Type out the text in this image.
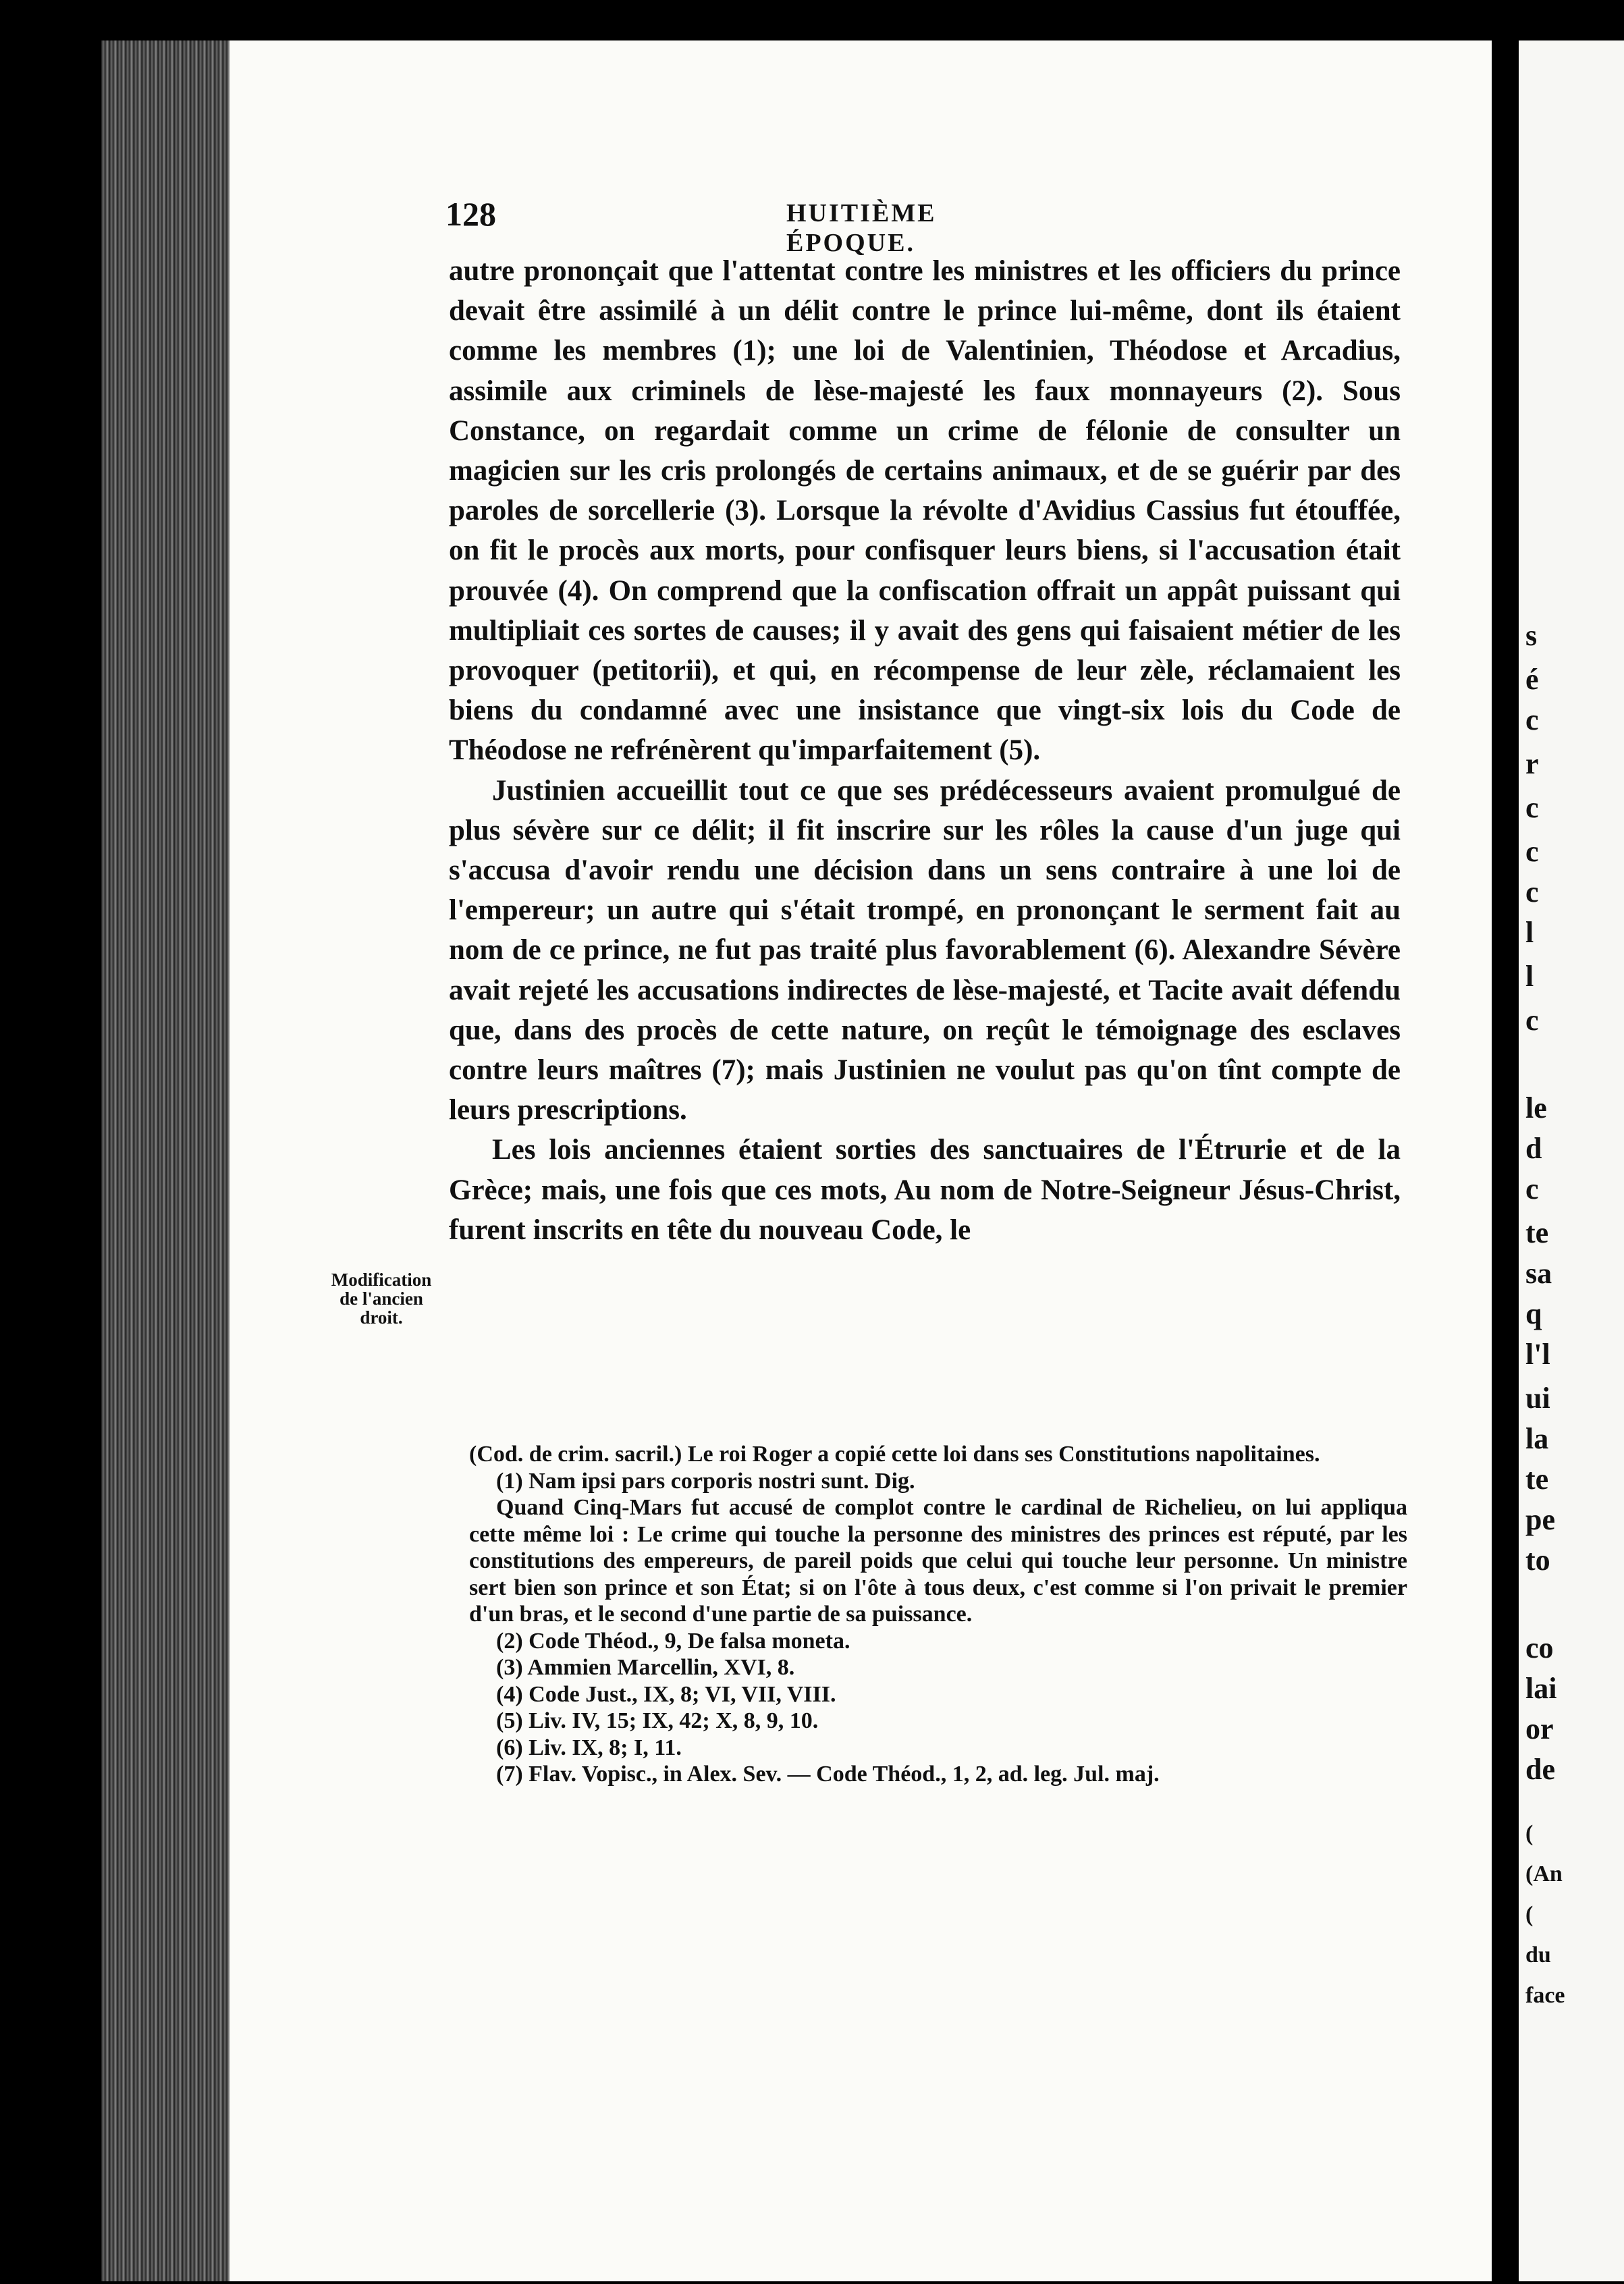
s
é
c
r
c
c
c
l
l
c
le
d
c
te
sa
q
l'l
ui
la
te
pe
to
co
lai
or
de
(
(An
(
du
face
128	HUITIÈME ÉPOQUE.
Modification
de l'ancien
droit.

autre prononçait que l'attentat contre les ministres et les officiers du prince devait être assimilé à un délit contre le prince lui-même, dont ils étaient comme les membres (1); une loi de Valentinien, Théodose et Arcadius, assimile aux criminels de lèse-majesté les faux monnayeurs (2). Sous Constance, on regardait comme un crime de félonie de consulter un magicien sur les cris prolongés de certains animaux, et de se guérir par des paroles de sorcellerie (3). Lorsque la révolte d'Avidius Cassius fut étouffée, on fit le procès aux morts, pour confisquer leurs biens, si l'accusation était prouvée (4). On comprend que la confiscation offrait un appât puissant qui multipliait ces sortes de causes; il y avait des gens qui faisaient métier de les provoquer (petitorii), et qui, en récompense de leur zèle, réclamaient les biens du condamné avec une insistance que vingt-six lois du Code de Théodose ne refrénèrent qu'imparfaitement (5).

Justinien accueillit tout ce que ses prédécesseurs avaient promulgué de plus sévère sur ce délit; il fit inscrire sur les rôles la cause d'un juge qui s'accusa d'avoir rendu une décision dans un sens contraire à une loi de l'empereur; un autre qui s'était trompé, en prononçant le serment fait au nom de ce prince, ne fut pas traité plus favorablement (6). Alexandre Sévère avait rejeté les accusations indirectes de lèse-majesté, et Tacite avait défendu que, dans des procès de cette nature, on reçût le témoignage des esclaves contre leurs maîtres (7); mais Justinien ne voulut pas qu'on tînt compte de leurs prescriptions.

Les lois anciennes étaient sorties des sanctuaires de l'Étrurie et de la Grèce; mais, une fois que ces mots, Au nom de Notre-Seigneur Jésus-Christ, furent inscrits en tête du nouveau Code, le

(Cod. de crim. sacril.) Le roi Roger a copié cette loi dans ses Constitutions napolitaines.

(1) Nam ipsi pars corporis nostri sunt. Dig.

Quand Cinq-Mars fut accusé de complot contre le cardinal de Richelieu, on lui appliqua cette même loi : Le crime qui touche la personne des ministres des princes est réputé, par les constitutions des empereurs, de pareil poids que celui qui touche leur personne. Un ministre sert bien son prince et son État; si on l'ôte à tous deux, c'est comme si l'on privait le premier d'un bras, et le second d'une partie de sa puissance.

(2) Code Théod., 9, De falsa moneta.

(3) Ammien Marcellin, XVI, 8.

(4) Code Just., IX, 8; VI, VII, VIII.

(5) Liv. IV, 15; IX, 42; X, 8, 9, 10.

(6) Liv. IX, 8; I, 11.

(7) Flav. Vopisc., in Alex. Sev. — Code Théod., 1, 2, ad. leg. Jul. maj.
